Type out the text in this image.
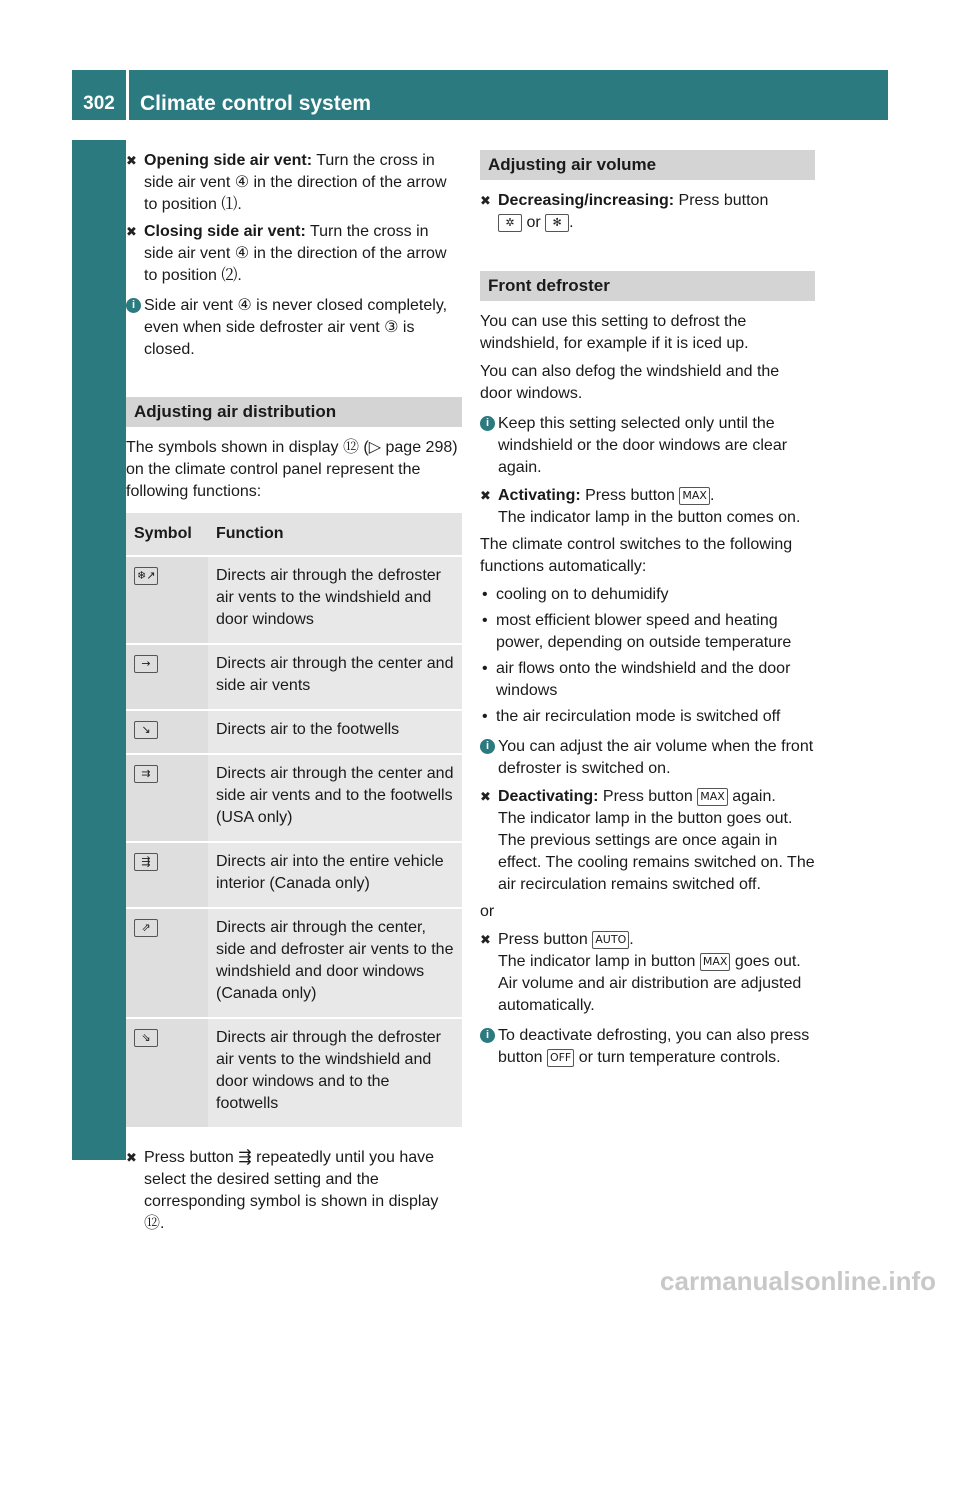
302	Climate control system
Controls in detail
✖ Opening side air vent: Turn the cross in side air vent ④ in the direction of the arrow to position ⑴.
✖ Closing side air vent: Turn the cross in side air vent ④ in the direction of the arrow to position ⑵.
i Side air vent ④ is never closed completely, even when side defroster air vent ③ is closed.
Adjusting air distribution

The symbols shown in display ⑫ (▷ page 298) on the climate control panel represent the following functions:

Symbol	Function
❄↗	Directs air through the defroster air vents to the windshield and door windows
→	Directs air through the center and side air vents
↘	Directs air to the footwells
⇉	Directs air through the center and side air vents and to the footwells (USA only)
⇶	Directs air into the entire vehicle interior (Canada only)
⇗	Directs air through the center, side and defroster air vents to the windshield and door windows (Canada only)
⇘	Directs air through the defroster air vents to the windshield and door windows and to the footwells
✖ Press button ⇶ repeatedly until you have select the desired setting and the corresponding symbol is shown in display ⑫.
Adjusting air volume
✖ Decreasing/increasing: Press button
✲ or ✻ .
Front defroster

You can use this setting to defrost the windshield, for example if it is iced up.

You can also defog the windshield and the door windows.

i Keep this setting selected only until the windshield or the door windows are clear again.
✖ Activating: Press button MAX .
The indicator lamp in the button comes on.

The climate control switches to the following functions automatically:

• cooling on to dehumidify
• most efficient blower speed and heating power, depending on outside temperature
• air flows onto the windshield and the door windows
• the air recirculation mode is switched off
i You can adjust the air volume when the front defroster is switched on.
✖ Deactivating: Press button MAX again.
The indicator lamp in the button goes out. The previous settings are once again in effect. The cooling remains switched on. The air recirculation remains switched off.

or

✖ Press button AUTO .
The indicator lamp in button MAX goes out. Air volume and air distribution are adjusted automatically.
i To deactivate defrosting, you can also press button OFF or turn temperature controls.
carmanualsonline.info
